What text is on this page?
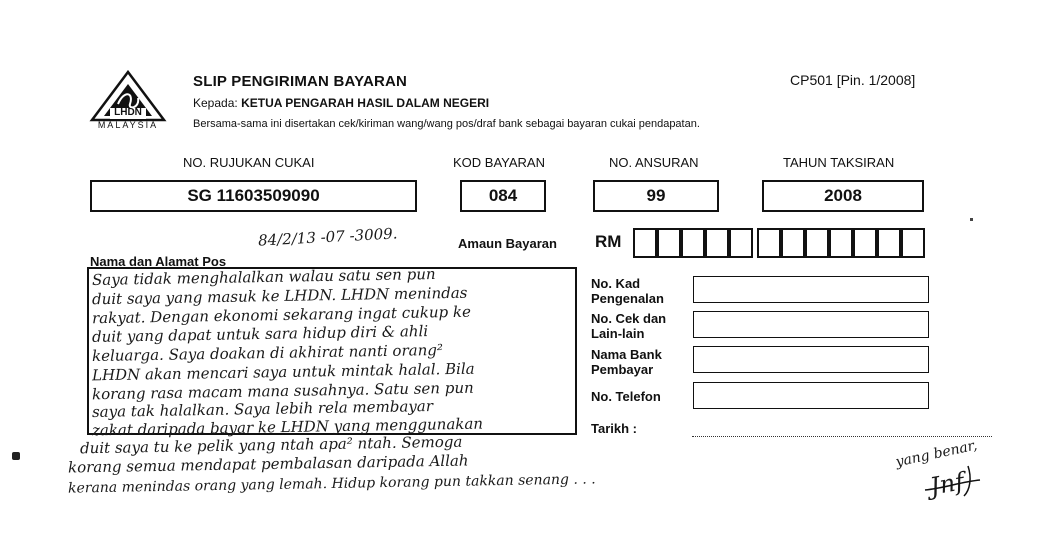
LHDN
MALAYSIA
SLIP PENGIRIMAN BAYARAN	CP501 [Pin. 1/2008]
Kepada: KETUA PENGARAH HASIL DALAM NEGERI
Bersama-sama ini disertakan cek/kiriman wang/wang pos/draf bank sebagai bayaran cukai pendapatan.
NO. RUJUKAN CUKAI	KOD BAYARAN	NO. ANSURAN	TAHUN TAKSIRAN
SG 11603509090	084	99	2008
Amaun Bayaran RM
Nama dan Alamat Pos
84/2/13 -07 -3009.
Saya tidak menghalalkan walau satu sen pun
duit saya yang masuk ke LHDN. LHDN menindas
rakyat. Dengan ekonomi sekarang ingat cukup ke
duit yang dapat untuk sara hidup diri & ahli
keluarga. Saya doakan di akhirat nanti orang²
LHDN akan mencari saya untuk mintak halal. Bila
korang rasa macam mana susahnya. Satu sen pun
saya tak halalkan. Saya lebih rela membayar
zakat daripada bayar ke LHDN yang menggunakan
duit saya tu ke pelik yang ntah apa² ntah. Semoga
korang semua mendapat pembalasan daripada Allah
kerana menindas orang yang lemah. Hidup korang pun takkan senang . . .
No. Kad
Pengenalan
No. Cek dan
Lain-lain
Nama Bank
Pembayar
No. Telefon
Tarikh :
yang benar,
Jnf
